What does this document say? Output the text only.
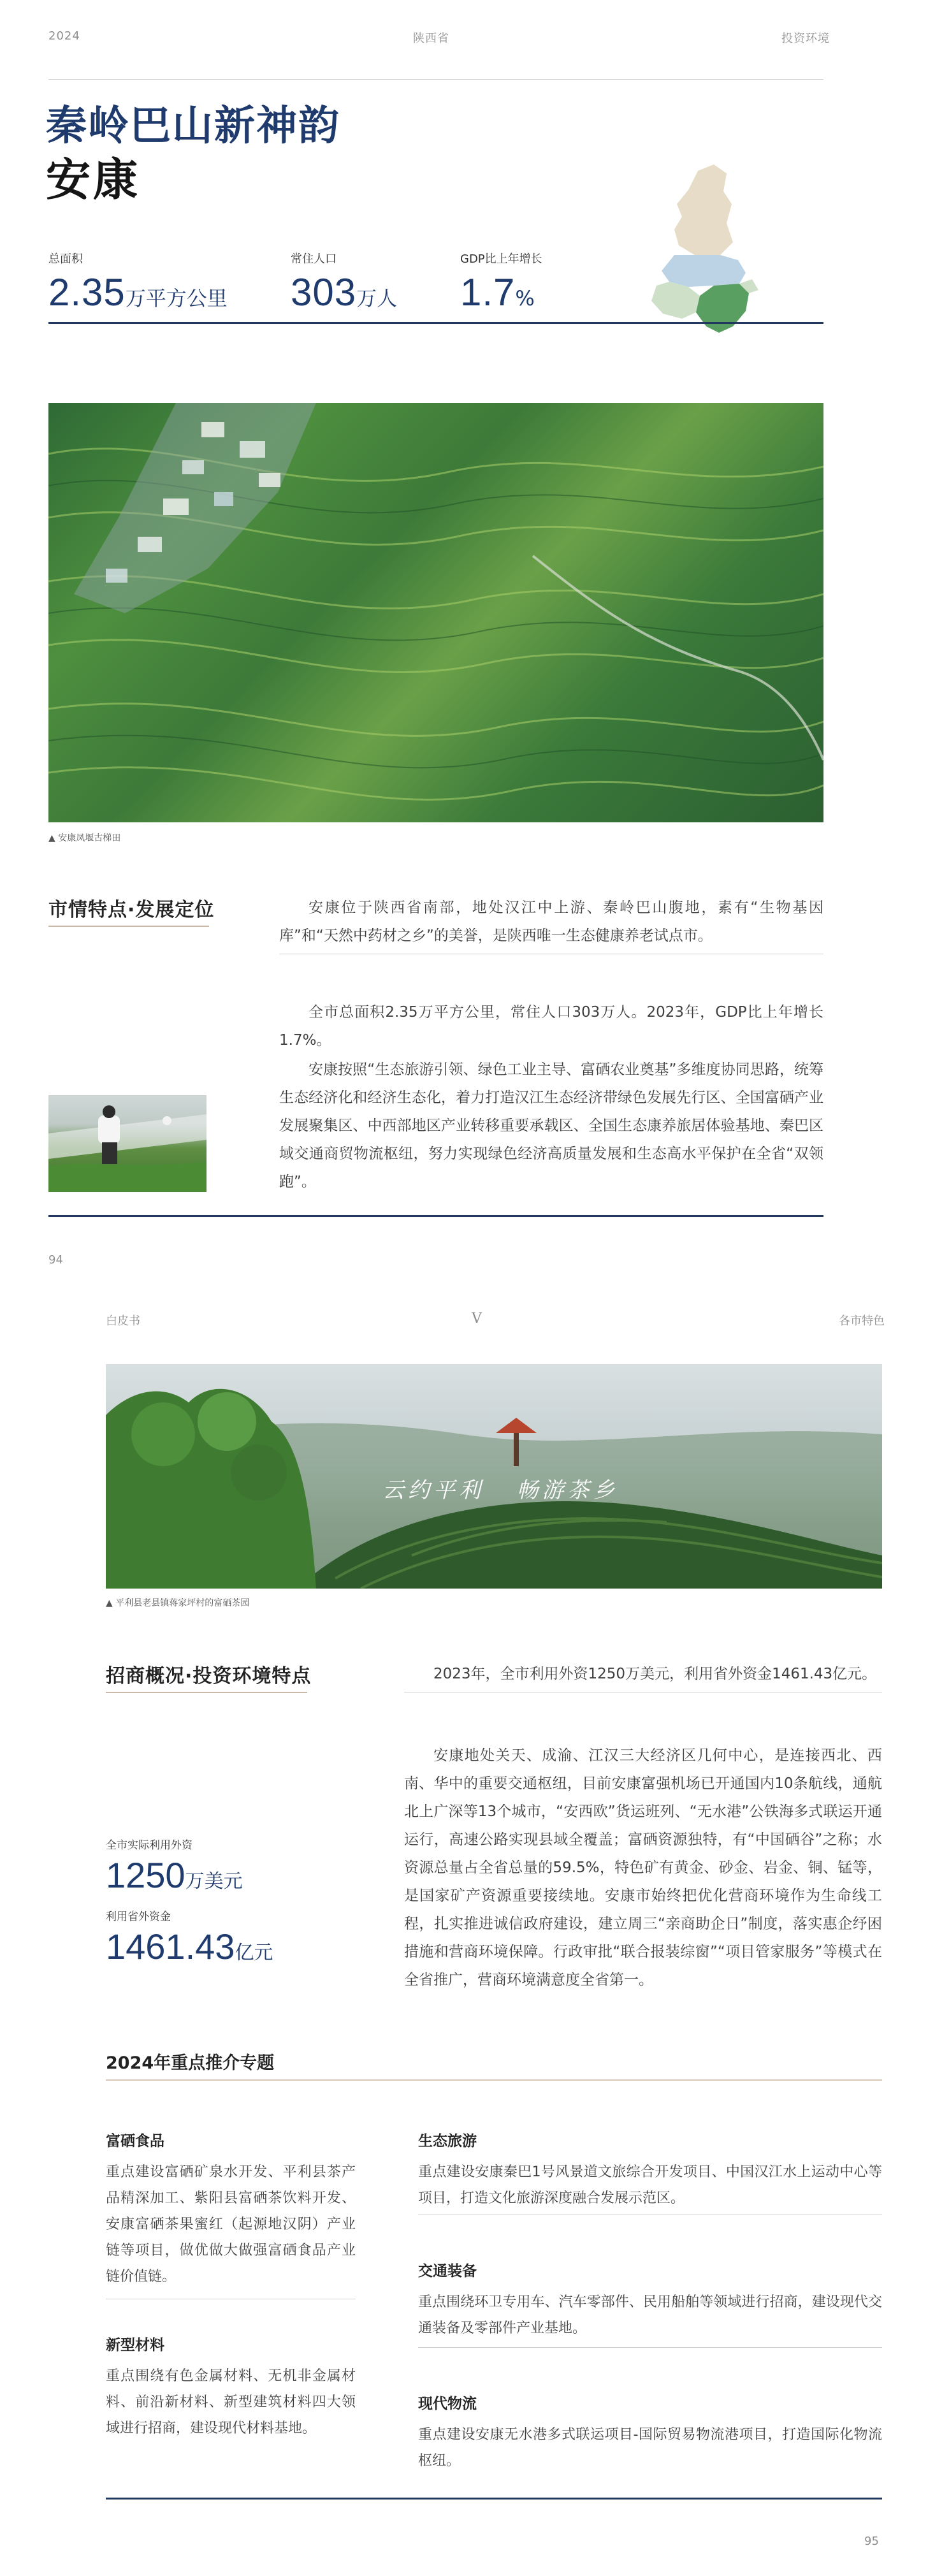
2024	陕西省	投资环境
秦岭巴山新神韵
安康
总面积
2.35万平方公里
常住人口
303万人
GDP比上年增长
1.7%
▲ 安康凤堰古梯田
市情特点·发展定位	安康位于陕西省南部，地处汉江中上游、秦岭巴山腹地，素有“生物基因库”和“天然中药材之乡”的美誉，是陕西唯一生态健康养老试点市。
全市总面积2.35万平方公里，常住人口303万人。2023年，GDP比上年增长1.7%。
安康按照“生态旅游引领、绿色工业主导、富硒农业奠基”多维度协同思路，统筹生态经济化和经济生态化，着力打造汉江生态经济带绿色发展先行区、全国富硒产业发展聚集区、中西部地区产业转移重要承载区、全国生态康养旅居体验基地、秦巴区域交通商贸物流枢纽，努力实现绿色经济高质量发展和生态高水平保护在全省“双领跑”。
94
白皮书	V	各市特色
云约平利   畅游茶乡
▲ 平利县老县镇蒋家坪村的富硒茶园
招商概况·投资环境特点	2023年，全市利用外资1250万美元，利用省外资金1461.43亿元。
全市实际利用外资
1250万美元
利用省外资金
1461.43亿元
安康地处关天、成渝、江汉三大经济区几何中心，是连接西北、西南、华中的重要交通枢纽，目前安康富强机场已开通国内10条航线，通航北上广深等13个城市，“安西欧”货运班列、“无水港”公铁海多式联运开通运行，高速公路实现县域全覆盖；富硒资源独特，有“中国硒谷”之称；水资源总量占全省总量的59.5%，特色矿有黄金、砂金、岩金、铜、锰等，是国家矿产资源重要接续地。安康市始终把优化营商环境作为生命线工程，扎实推进诚信政府建设，建立周三“亲商助企日”制度，落实惠企纾困措施和营商环境保障。行政审批“联合报装综窗”“项目管家服务”等模式在全省推广，营商环境满意度全省第一。
2024年重点推介专题
富硒食品
重点建设富硒矿泉水开发、平利县茶产品精深加工、紫阳县富硒茶饮料开发、安康富硒茶果蜜红（起源地汉阴）产业链等项目，做优做大做强富硒食品产业链价值链。
新型材料
重点围绕有色金属材料、无机非金属材料、前沿新材料、新型建筑材料四大领域进行招商，建设现代材料基地。
生态旅游
重点建设安康秦巴1号风景道文旅综合开发项目、中国汉江水上运动中心等项目，打造文化旅游深度融合发展示范区。
交通装备
重点围绕环卫专用车、汽车零部件、民用船舶等领域进行招商，建设现代交通装备及零部件产业基地。
现代物流
重点建设安康无水港多式联运项目-国际贸易物流港项目，打造国际化物流枢纽。
95
